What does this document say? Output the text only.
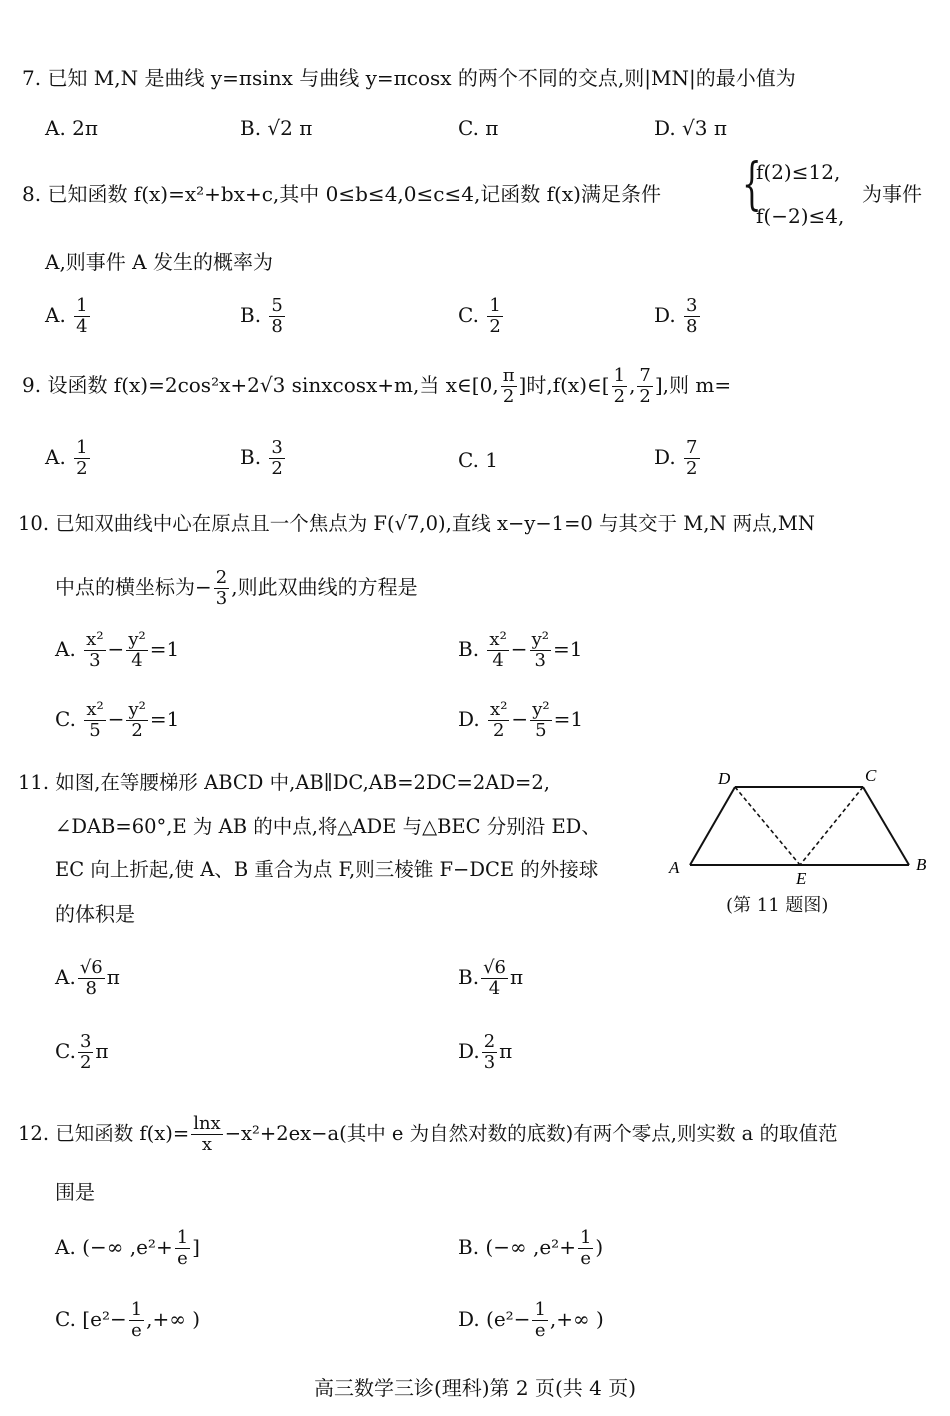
7. 已知 M,N 是曲线 y=πsinx 与曲线 y=πcosx 的两个不同的交点,则|MN|的最小值为
A. 2π	B. √2 π	C. π	D. √3 π
8. 已知函数 f(x)=x²+bx+c,其中 0≤b≤4,0≤c≤4,记函数 f(x)满足条件 {
f(2)≤12,
f(−2)≤4,
为事件
A,则事件 A 发生的概率为
A. $\frac{1}{4}$	B. $\frac{5}{8}$	C. $\frac{1}{2}$	D. $\frac{3}{8}$
9. 设函数 f(x)=2cos²x+2√3 sinxcosx+m,当 x∈[0, $\frac{\pi}{2}$ ]时,f(x)∈[ $\frac{1}{2}$ , $\frac{7}{2}$ ],则 m=
A. $\frac{1}{2}$	B. $\frac{3}{2}$	C. 1	D. $\frac{7}{2}$
10. 已知双曲线中心在原点且一个焦点为 F(√7,0),直线 x−y−1=0 与其交于 M,N 两点,MN
中点的横坐标为− $\frac{2}{3}$ ,则此双曲线的方程是
A. $\frac{\text{x²}}{3} - \frac{\text{y²}}{4} =1$	B. $\frac{\text{x²}}{4} - \frac{\text{y²}}{3} =1$
C. $\frac{\text{x²}}{5} - \frac{\text{y²}}{2} =1$	D. $\frac{\text{x²}}{2} - \frac{\text{y²}}{5} =1$
11. 如图,在等腰梯形 ABCD 中,AB∥DC,AB=2DC=2AD=2,
∠DAB=60°,E 为 AB 的中点,将△ADE 与△BEC 分别沿 ED、
EC 向上折起,使 A、B 重合为点 F,则三棱锥 F−DCE 的外接球
的体积是
A	B
C
D
E
(第 11 题图)
A. $\frac{√6}{8}$ π	B. $\frac{√6}{4}$ π
C. $\frac{3}{2}$ π	D. $\frac{2}{3}$ π
12. 已知函数 $f(x)= \frac{\ln x}{x} -x^2+2ex-a$(其中 e 为自然对数的底数)有两个零点,则实数 a 的取值范
围是
A. (−∞ $,e^2+ \frac{1}{e}$ ]	B. (−∞ $,e^2+ \frac{1}{e}$ )
C. [$e^2- \frac{1}{e}$ ,+∞ )	D. ($e^2- \frac{1}{e}$ ,+∞ )
高三数学三诊(理科)第 2 页(共 4 页)
